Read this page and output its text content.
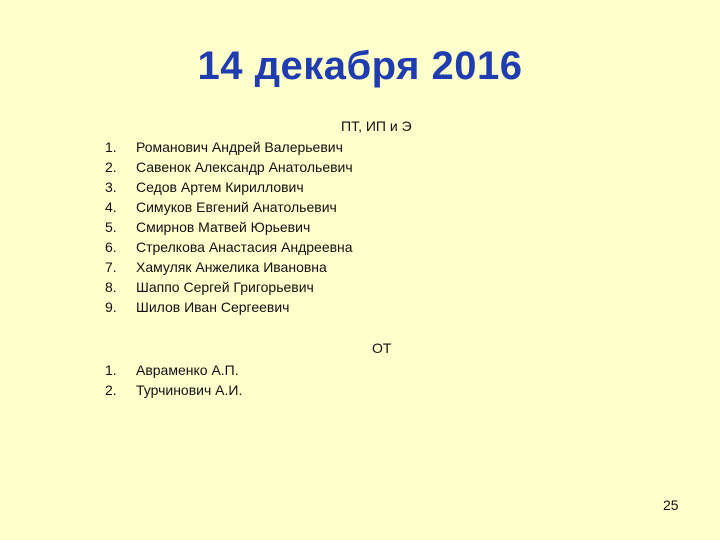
14 декабря 2016
ПТ, ИП и Э
1.	Романович Андрей Валерьевич
2.	Савенок Александр Анатольевич
3.	Седов Артем Кириллович
4.	Симуков Евгений Анатольевич
5.	Смирнов Матвей Юрьевич
6.	Стрелкова Анастасия Андреевна
7.	Хамуляк Анжелика Ивановна
8.	Шаппо Сергей Григорьевич
9.	Шилов Иван Сергеевич
ОТ
1.	Авраменко А.П.
2.	Турчинович А.И.
25
